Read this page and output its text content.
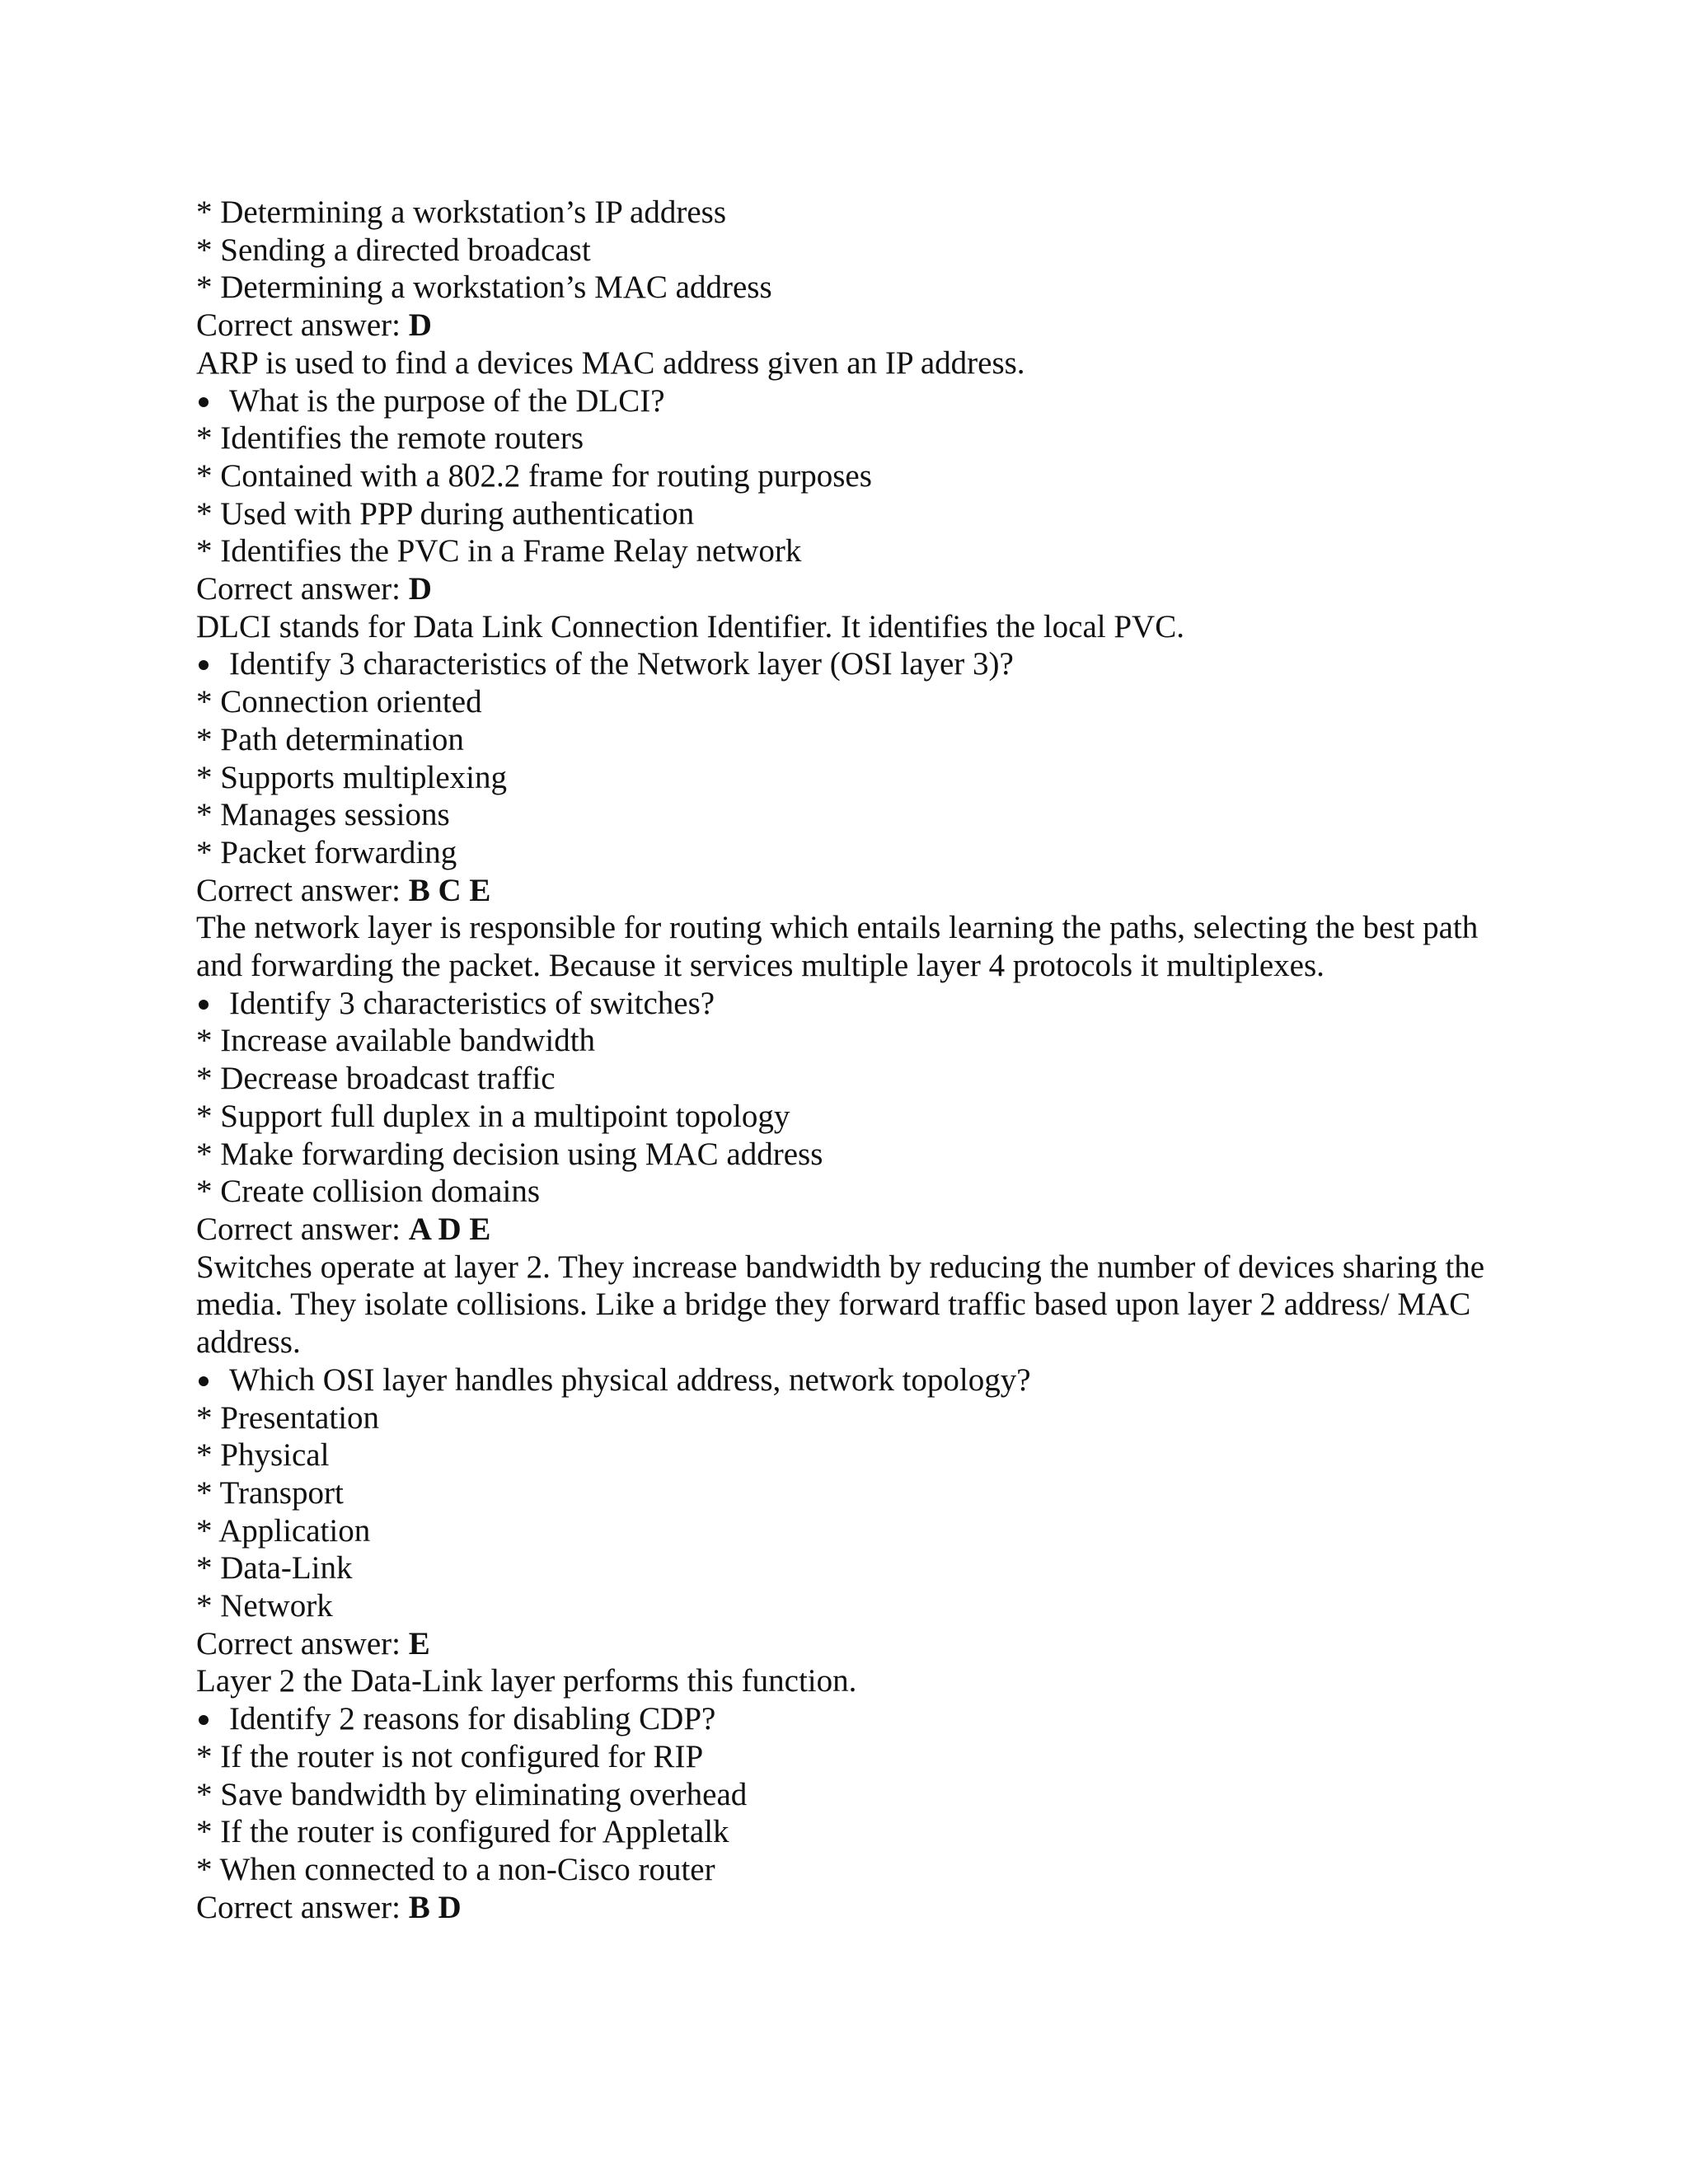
* Determining a workstation’s IP address
* Sending a directed broadcast
* Determining a workstation’s MAC address
Correct answer: D
ARP is used to find a devices MAC address given an IP address.
What is the purpose of the DLCI?
* Identifies the remote routers
* Contained with a 802.2 frame for routing purposes
* Used with PPP during authentication
* Identifies the PVC in a Frame Relay network
Correct answer: D
DLCI stands for Data Link Connection Identifier. It identifies the local PVC.
Identify 3 characteristics of the Network layer (OSI layer 3)?
* Connection oriented
* Path determination
* Supports multiplexing
* Manages sessions
* Packet forwarding
Correct answer: B C E
The network layer is responsible for routing which entails learning the paths, selecting the best path and forwarding the packet. Because it services multiple layer 4 protocols it multiplexes.
Identify 3 characteristics of switches?
* Increase available bandwidth
* Decrease broadcast traffic
* Support full duplex in a multipoint topology
* Make forwarding decision using MAC address
* Create collision domains
Correct answer: A D E
Switches operate at layer 2. They increase bandwidth by reducing the number of devices sharing the media. They isolate collisions. Like a bridge they forward traffic based upon layer 2 address/ MAC address.
Which OSI layer handles physical address, network topology?
* Presentation
* Physical
* Transport
* Application
* Data-Link
* Network
Correct answer: E
Layer 2 the Data-Link layer performs this function.
Identify 2 reasons for disabling CDP?
* If the router is not configured for RIP
* Save bandwidth by eliminating overhead
* If the router is configured for Appletalk
* When connected to a non-Cisco router
Correct answer: B D
